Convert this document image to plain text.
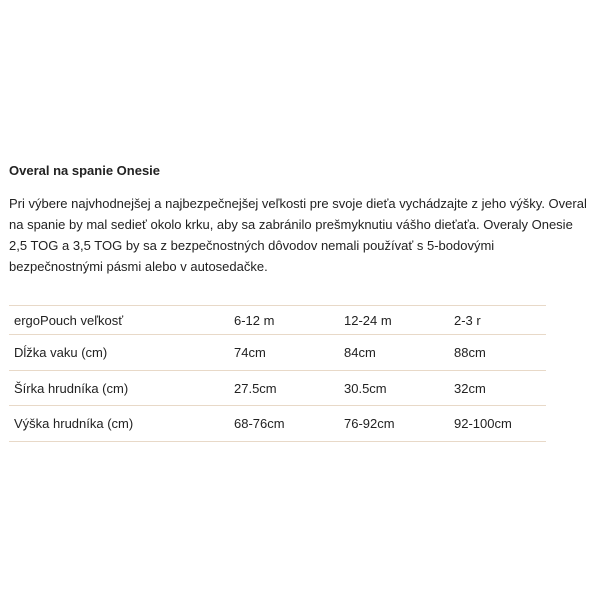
Overal na spanie Onesie

Pri výbere najvhodnejšej a najbezpečnejšej veľkosti pre svoje dieťa vychádzajte z jeho výšky. Overal na spanie by mal sedieť okolo krku, aby sa zabránilo prešmyknutiu vášho dieťaťa. Overaly Onesie 2,5 TOG a 3,5 TOG by sa z bezpečnostných dôvodov nemali používať s 5-bodovými bezpečnostnými pásmi alebo v autosedačke.

ergoPouch veľkosť	6-12 m	12-24 m	2-3 r
Dĺžka vaku (cm)	74cm	84cm	88cm
Šírka hrudníka (cm)	27.5cm	30.5cm	32cm
Výška hrudníka (cm)	68-76cm	76-92cm	92-100cm
